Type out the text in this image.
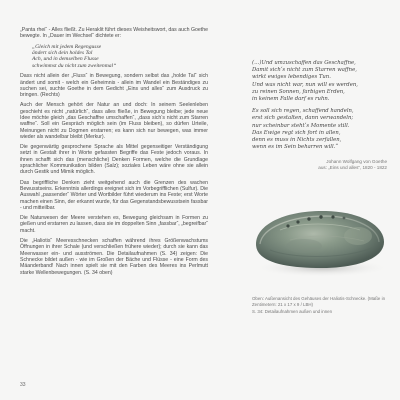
„Panta rhei“ - Alles fließt. Zu Heraklit führt dieses Weisheitswort, das auch Goethe bewegte. In „Dauer im Wechsel“ dichtete er:

„Gleich mit jedem Regengusse
ändert sich dein holdes Tal
Ach, und in demselben Flusse
schwimmst du nicht zum zweitenmal“

Dass nicht allein der „Fluss“ in Bewegung, sondern selbst das „holde Tal“ sich ändert und somit - welch ein Geheimnis - allein im Wandel ein Beständiges zu suchen sei, suchte Goethe in dem Gedicht „Eins und alles“ zum Ausdruck zu bringen. (Rechts)

Auch der Mensch gehört der Natur an und doch: In seinem Seelenleben geschieht es nicht „natürlich“, dass alles fließe, in Bewegung bleibe; jede neue Idee möchte gleich „das Geschaffne umschaffen“, „dass sich‘s nicht zum Starren waffne“. Soll ein Gespräch möglich sein (im Fluss bleiben), so dürfen Urteile, Meinungen nicht zu Dogmen erstarren; es kann sich nur bewegen, was immer wieder als wandelbar bleibt (Merkur).

Die gegenwärtig gesprochene Sprache als Mittel gegenseitiger Verständigung setzt in Gestalt ihrer in Worte gefassten Begriffe das Feste jedoch voraus. In ihnen schafft sich das (menschliche) Denken Formen, welche die Grundlage sprachlicher Kommunikation bilden (Salz); soziales Leben wäre ohne sie allein durch Gestik und Mimik möglich.

Das begriffliche Denken zieht weitgehend auch die Grenzen des wachen Bewusstseins. Erkenntnis allerdings ereignet sich im Vorbegrifflichen (Sulfur). Die Auswahl „passender“ Wörter und Wortbilder führt wiederum ins Feste; erst Worte machen einen Sinn, der erkannt wurde, für das Gegenstandsbewusstsein fassbar - und mitteilbar.

Die Naturwesen der Meere verstehen es, Bewegung gleichsam in Formen zu gießen und erstarren zu lassen, dass sie im doppelten Sinn „fassbar“, „begreifbar“ macht.

Die „Haliotis“ Meeresschnecken schaffen während ihres Größenwachstums Öffnungen in ihrer Schale (und verschließen frühere wieder); durch sie kann das Meerwasser ein- und ausströmen. Die Detailaufnahmen (S. 34) zeigen: Die Schnecke bildet außen - wie im Großen der Bäche und Flüsse - eine Form des Mäanderband! Nach innen spielt sie mit den Farben des Meeres ins Perlmutt starke Wellenbewegungen. (S. 34 oben)

(…)Und umzuschaffen das Geschaffne,
Damit sich‘s nicht zum Starren waffne,
wirkt ewiges lebendiges Tun.
Und was nicht war, nun will es werden,
zu reinen Sonnen, farbigen Erden,
in keinem Falle darf es ruhn.

Es soll sich regen, schaffend handeln,
erst sich gestalten, dann verwandeln;
nur scheinbar steht‘s Momente still.
Das Ewige regt sich fort in allen,
denn es muss in Nichts zerfallen,
wenn es im Sein beharren will.“

Johann Wolfgang von Goethe
aus: „Eins und alles“, 1820 - 1822

Oben: Außenansicht des Gehäuses der Haliotis-Schnecke. (Maße in Zentimetern: 21 x 17 x 9 / LBH)

S. 34: Detailaufnahmen außen und innen

33
